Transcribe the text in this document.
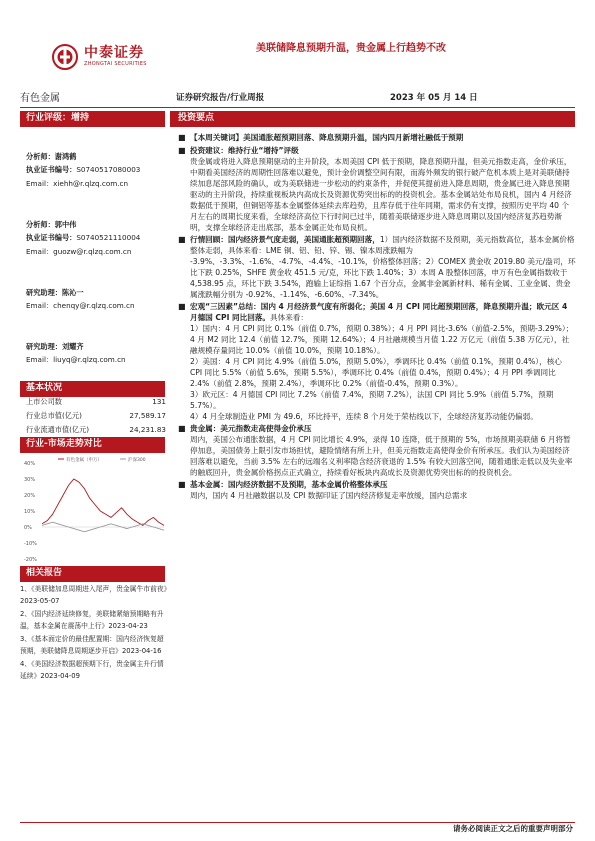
中泰证券
ZHONGTAI SECURITIES
美联储降息预期升温，贵金属上行趋势不改
有色金属	证券研究报告/行业周报	2023 年 05 月 14 日
行业评级：增持
分析师：谢鸿鹤
执业证书编号：S0740517080003
Email：xiehh@r.qlzq.com.cn
分析师：郭中伟
执业证书编号：S0740521110004
Email：guozw@r.qlzq.com.cn
研究助理：陈沁一
Email：chenqy@r.qlzq.com.cn
研究助理：刘耀齐
Email：liuyq@r.qlzq.com.cn
基本状况
上市公司数	131
行业总市值(亿元)	27,589.17
行业流通市值(亿元)	24,231.83
行业-市场走势对比
40%
30%
20%
10%
0%
-10%
-20%
有色金属（申万）	沪深300
相关报告
1、《美联储加息周期进入尾声，贵金属牛市前夜》2023-05-07
2、《国内经济延续修复，美联储紧缩预期略有升温，基本金属在震荡中上行》2023-04-23
3、《基本面定价的最佳配置期：国内经济恢复超预期，美联储降息周期逐步开启》2023-04-16
4、《美国经济数据超预期下行，贵金属主升行情延续》2023-04-09
投资要点
■ 【本周关键词】美国通胀超预期回落、降息预期升温，国内四月新增社融低于预期
■ 投资建议：维持行业“增持”评级
贵金属或将进入降息预期驱动的主升阶段，本周美国 CPI 低于预期，降息预期升温，但美元指数走高，金价承压，中期看美国经济的周期性回落难以避免，预计金价调整空间有限，而海外频发的银行破产危机本质上是对美联储持续加息尾部风险的确认，或为美联储进一步松动的约束条件，并促使其提前进入降息周期，贵金属已进入降息预期驱动的主升阶段，持续重视板块内高成长及资源优势突出标的的投资机会。基本金属站处布局良机，国内 4 月经济数据低于预期，但铜铝等基本金属整体延续去库趋势，且库存低于往年同期，需求仍有支撑，按照历史平均 40 个月左右的周期长度来看，全球经济高位下行时间已过半，随着美联储逐步进入降息周期以及国内经济复苏趋势渐明，支撑全球经济走出底部，基本金属正处布局良机。
■ 行情回顾：国内经济景气度走弱，美国通胀超预期回落，1）国内经济数据不及预期，美元指数高位，基本金属价格整体走弱，具体来看：LME 铜、铝、铅、锌、锡、镍本周涨跌幅为 -3.9%、-3.3%、-1.6%、-4.7%、-4.4%、-10.1%，价格整体回落；2）COMEX 黄金收 2019.80 美元/盎司，环比下跌 0.25%，SHFE 黄金收 451.5 元/克，环比下跌 1.40%；3）本周 A 股整体回落，申万有色金属指数收于 4,538.95 点，环比下跌 3.54%，跑输上证综指 1.67 个百分点，金属非金属新材料、稀有金属、工业金属、贵金属涨跌幅分别为 -0.92%、-1.14%、-6.60%、-7.34%。
■ 宏观“三因素”总结：国内 4 月经济景气度有所弱化；美国 4 月 CPI 同比超预期回落，降息预期升温；欧元区 4 月德国 CPI 同比回落。具体来看：
1）国内：4 月 CPI 同比 0.1%（前值 0.7%，预期 0.38%）；4 月 PPI 同比-3.6%（前值-2.5%，预期-3.29%）；4 月 M2 同比 12.4（前值 12.7%，预期 12.64%）；4 月社融规模当月值 1.22 万亿元（前值 5.38 万亿元），社融规模存量同比 10.0%（前值 10.0%，预期 10.18%）。
2）美国：4 月 CPI 同比 4.9%（前值 5.0%，预期 5.0%），季调环比 0.4%（前值 0.1%，预期 0.4%），核心 CPI 同比 5.5%（前值 5.6%，预期 5.5%），季调环比 0.4%（前值 0.4%，预期 0.4%）；4 月 PPI 季调同比 2.4%（前值 2.8%，预期 2.4%），季调环比 0.2%（前值-0.4%，预期 0.3%）。
3）欧元区：4 月德国 CPI 同比 7.2%（前值 7.4%，预期 7.2%），法国 CPI 同比 5.9%（前值 5.7%，预期 5.7%）。
4）4 月全球制造业 PMI 为 49.6，环比持平，连续 8 个月处于荣枯线以下，全球经济复苏动能仍偏弱。
■ 贵金属：美元指数走高使得金价承压
周内，美国公布通胀数据，4 月 CPI 同比增长 4.9%，录得 10 连降，低于预期的 5%，市场预期美联储 6 月将暂停加息，美国债务上限引发市场担忧，避险情绪有所上升，但美元指数走高使得金价有所承压。我们认为美国经济回落难以避免，当前 3.5% 左右的远端名义利率隐含经济衰退的 1.5% 有较大回落空间，随着通胀走低以及失业率的触底回升，贵金属价格拐点正式确立，持续看好板块内高成长及资源优势突出标的的投资机会。
■ 基本金属：国内经济数据不及预期，基本金属价格整体承压
周内，国内 4 月社融数据以及 CPI 数据印证了国内经济修复走率放缓，国内总需求
请务必阅读正文之后的重要声明部分
